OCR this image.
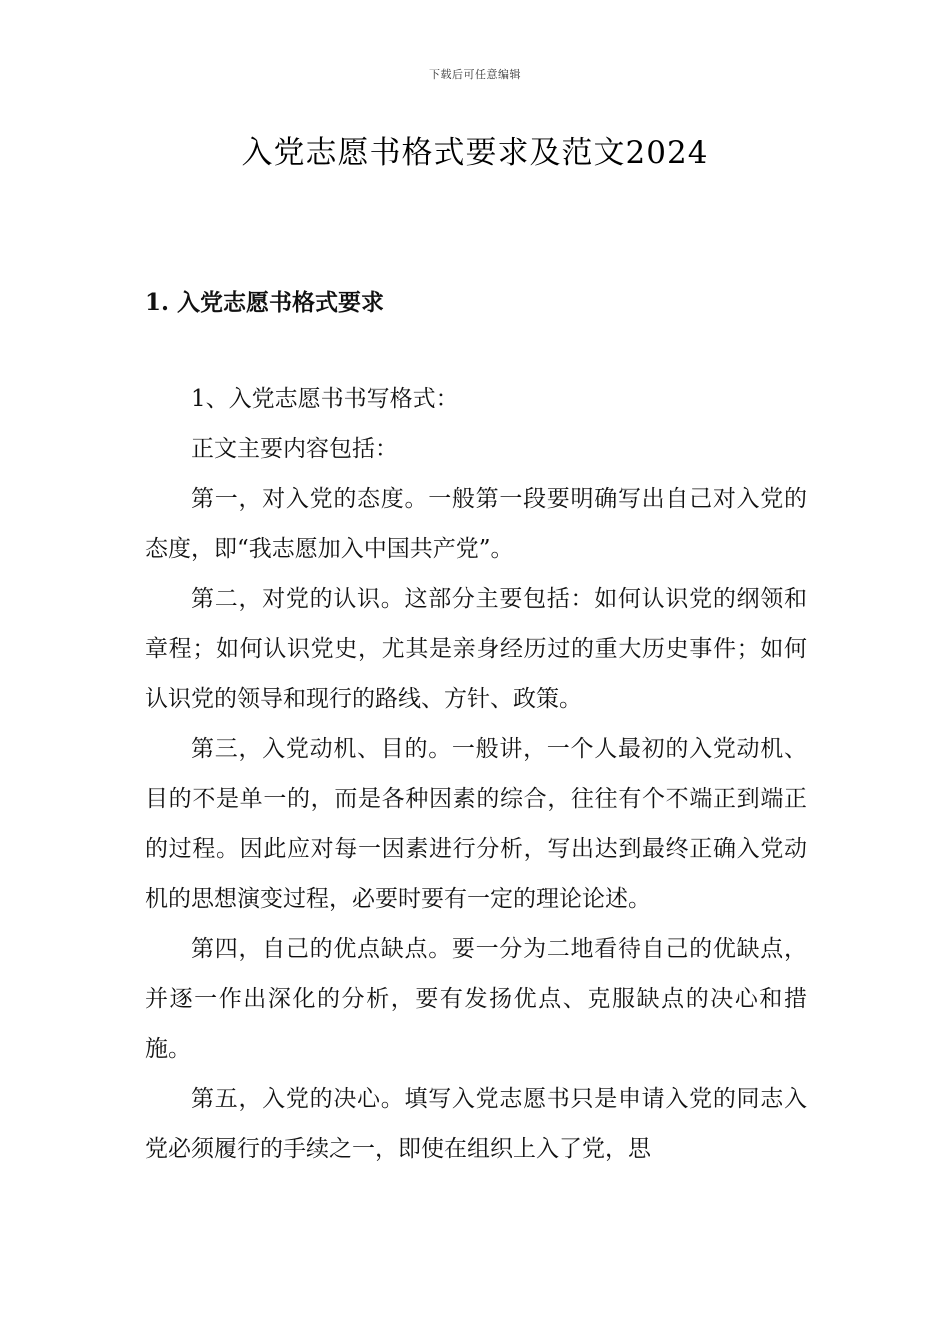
下载后可任意编辑
入党志愿书格式要求及范文2024
1. 入党志愿书格式要求

1、入党志愿书书写格式：

正文主要内容包括：

第一，对入党的态度。一般第一段要明确写出自己对入党的态度，即“我志愿加入中国共产党”。

第二，对党的认识。这部分主要包括：如何认识党的纲领和章程；如何认识党史，尤其是亲身经历过的重大历史事件；如何认识党的领导和现行的路线、方针、政策。

第三，入党动机、目的。一般讲，一个人最初的入党动机、目的不是单一的，而是各种因素的综合，往往有个不端正到端正的过程。因此应对每一因素进行分析，写出达到最终正确入党动机的思想演变过程，必要时要有一定的理论论述。

第四，自己的优点缺点。要一分为二地看待自己的优缺点，并逐一作出深化的分析，要有发扬优点、克服缺点的决心和措施。

第五，入党的决心。填写入党志愿书只是申请入党的同志入党必须履行的手续之一，即使在组织上入了党，思
